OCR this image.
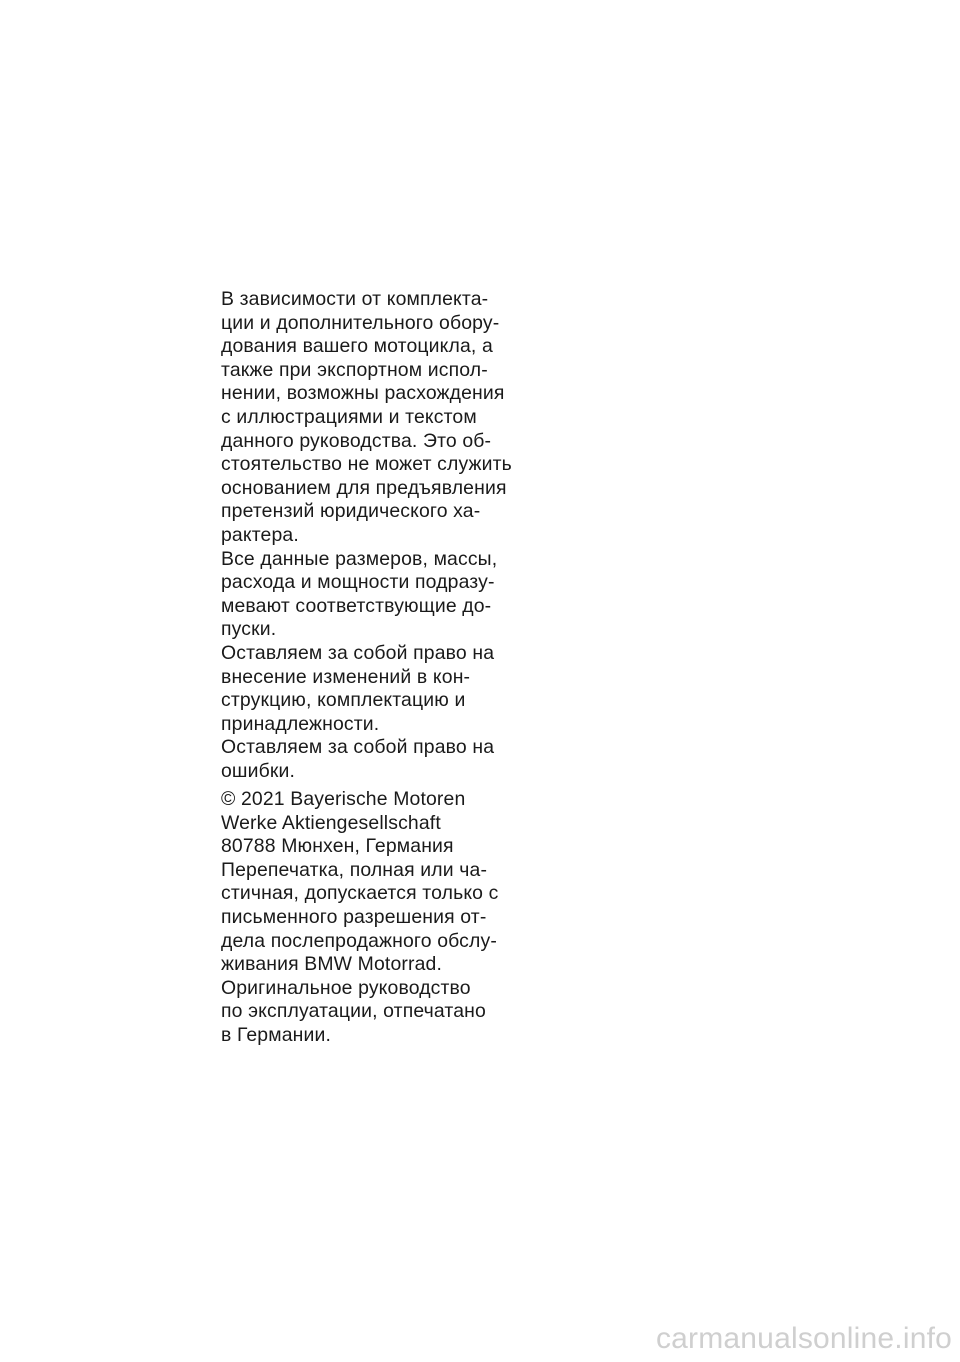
В зависимости от комплекта-
ции и дополнительного обору-
дования вашего мотоцикла, а
также при экспортном испол-
нении, возможны расхождения
с иллюстрациями и текстом
данного руководства. Это об-
стоятельство не может служить
основанием для предъявления
претензий юридического ха-
рактера.
Все данные размеров, массы,
расхода и мощности подразу-
мевают соответствующие до-
пуски.
Оставляем за собой право на
внесение изменений в кон-
струкцию, комплектацию и
принадлежности.
Оставляем за собой право на
ошибки.
© 2021 Bayerische Motoren
Werke Aktiengesellschaft
80788 Мюнхен, Германия
Перепечатка, полная или ча-
стичная, допускается только с
письменного разрешения от-
дела послепродажного обслу-
живания BMW Motorrad.
Оригинальное руководство
по эксплуатации, отпечатано
в Германии.
carmanualsonline.info
